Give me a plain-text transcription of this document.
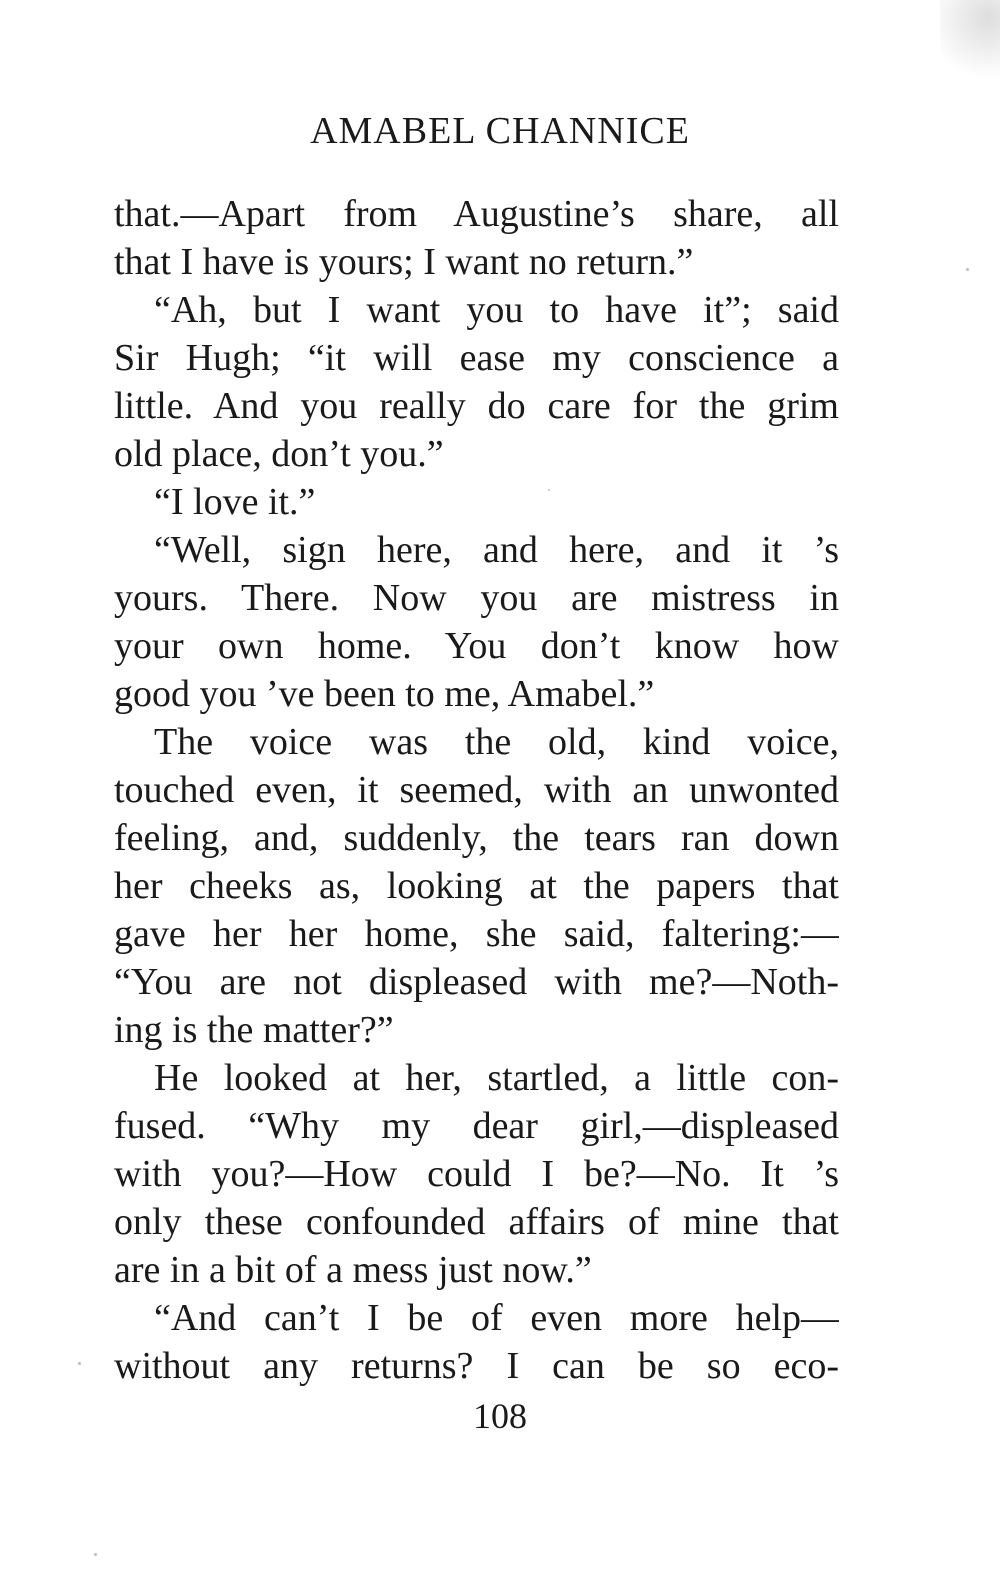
AMABEL CHANNICE
that.—Apart from Augustine’s share, all
that I have is yours; I want no return.”
“Ah, but I want you to have it”; said
Sir Hugh; “it will ease my conscience a
little. And you really do care for the grim
old place, don’t you.”
“I love it.”
“Well, sign here, and here, and it ’s
yours. There. Now you are mistress in
your own home. You don’t know how
good you ’ve been to me, Amabel.”
The voice was the old, kind voice,
touched even, it seemed, with an unwonted
feeling, and, suddenly, the tears ran down
her cheeks as, looking at the papers that
gave her her home, she said, faltering:—
“You are not displeased with me?—Noth-
ing is the matter?”
He looked at her, startled, a little con-
fused. “Why my dear girl,—displeased
with you?—How could I be?—No. It ’s
only these confounded affairs of mine that
are in a bit of a mess just now.”
“And can’t I be of even more help—
without any returns? I can be so eco-
108
